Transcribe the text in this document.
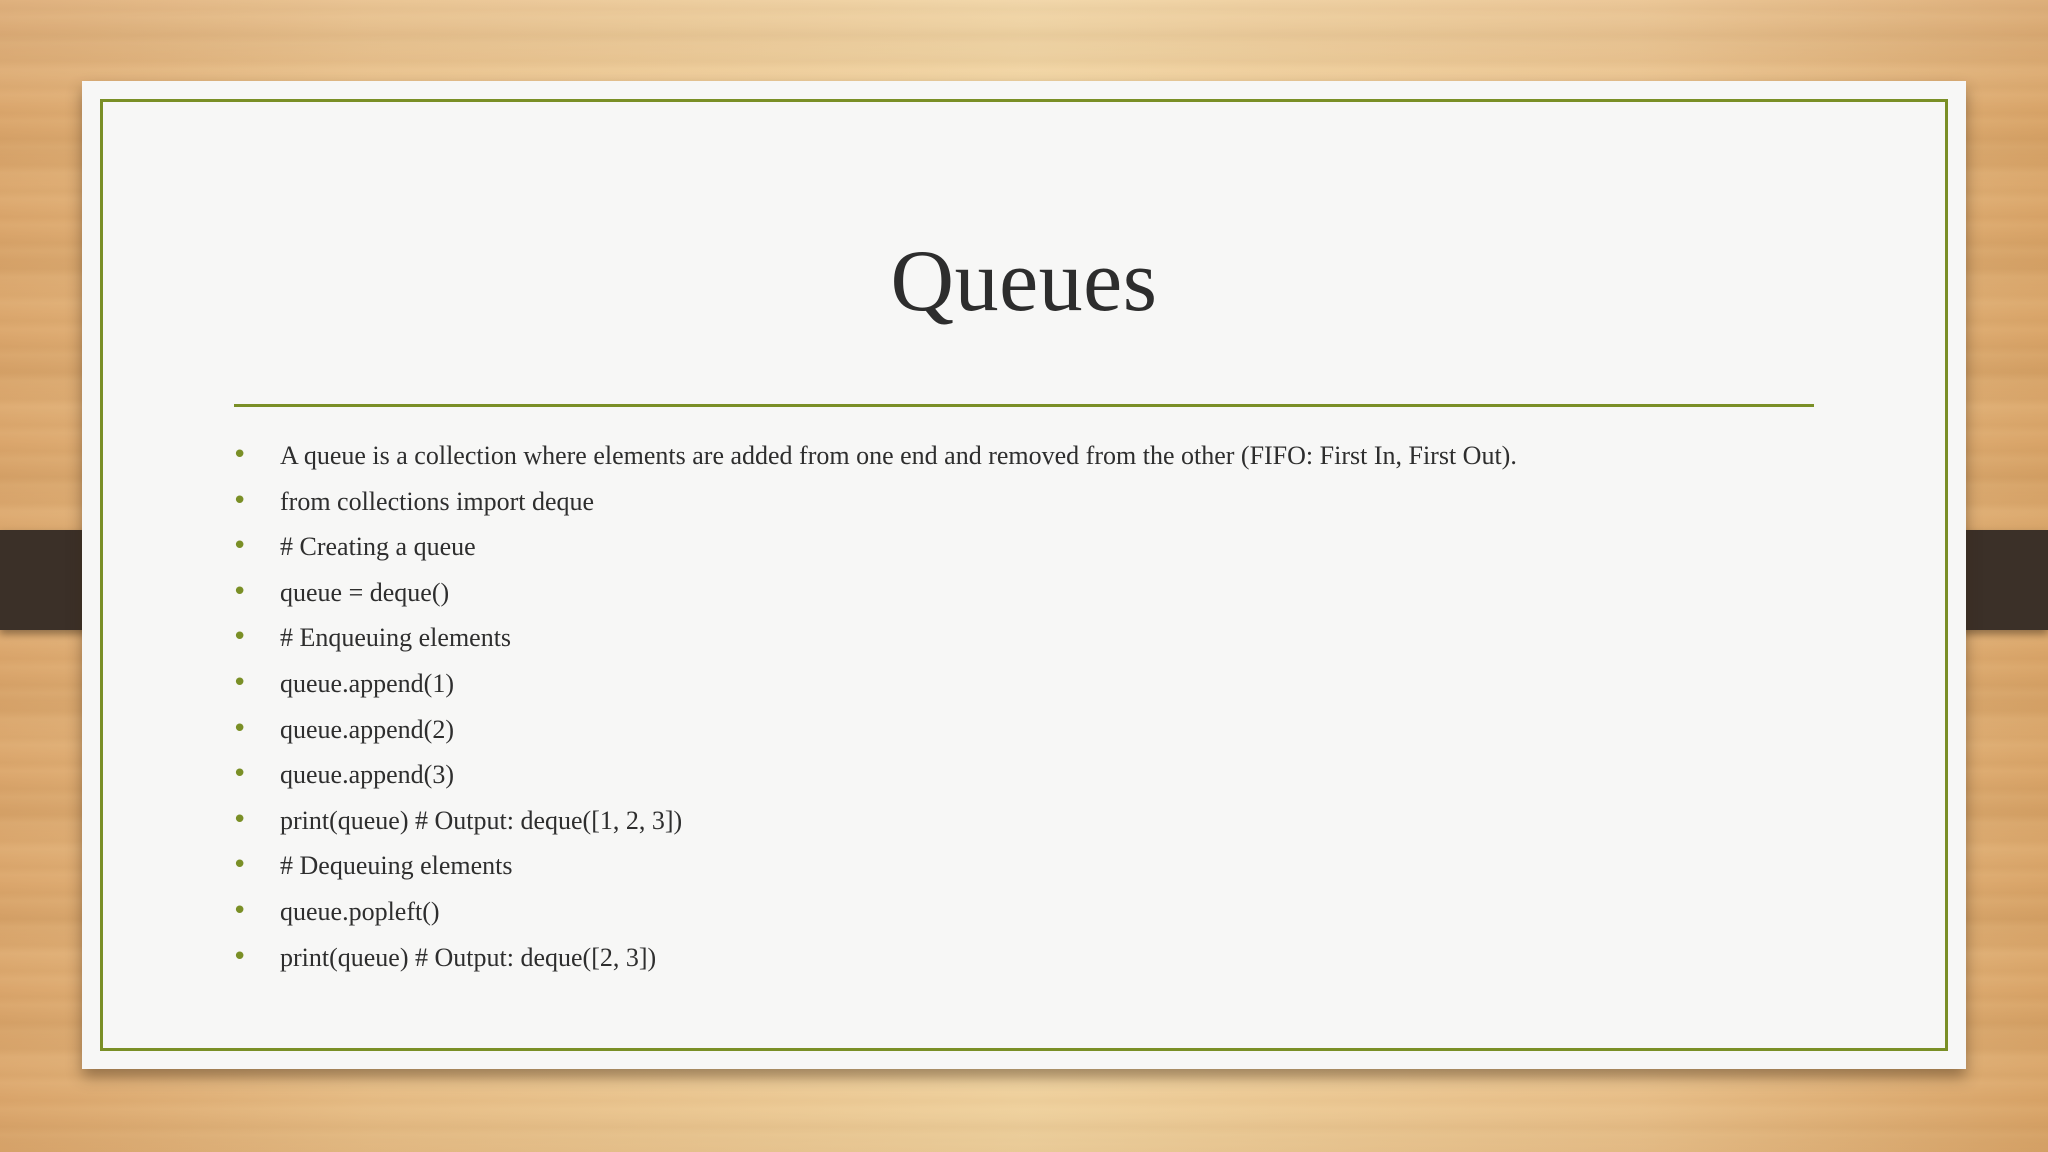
Queues
• A queue is a collection where elements are added from one end and removed from the other (FIFO: First In, First Out).
• from collections import deque
• # Creating a queue
• queue = deque()
• # Enqueuing elements
• queue.append(1)
• queue.append(2)
• queue.append(3)
• print(queue) # Output: deque([1, 2, 3])
• # Dequeuing elements
• queue.popleft()
• print(queue) # Output: deque([2, 3])
